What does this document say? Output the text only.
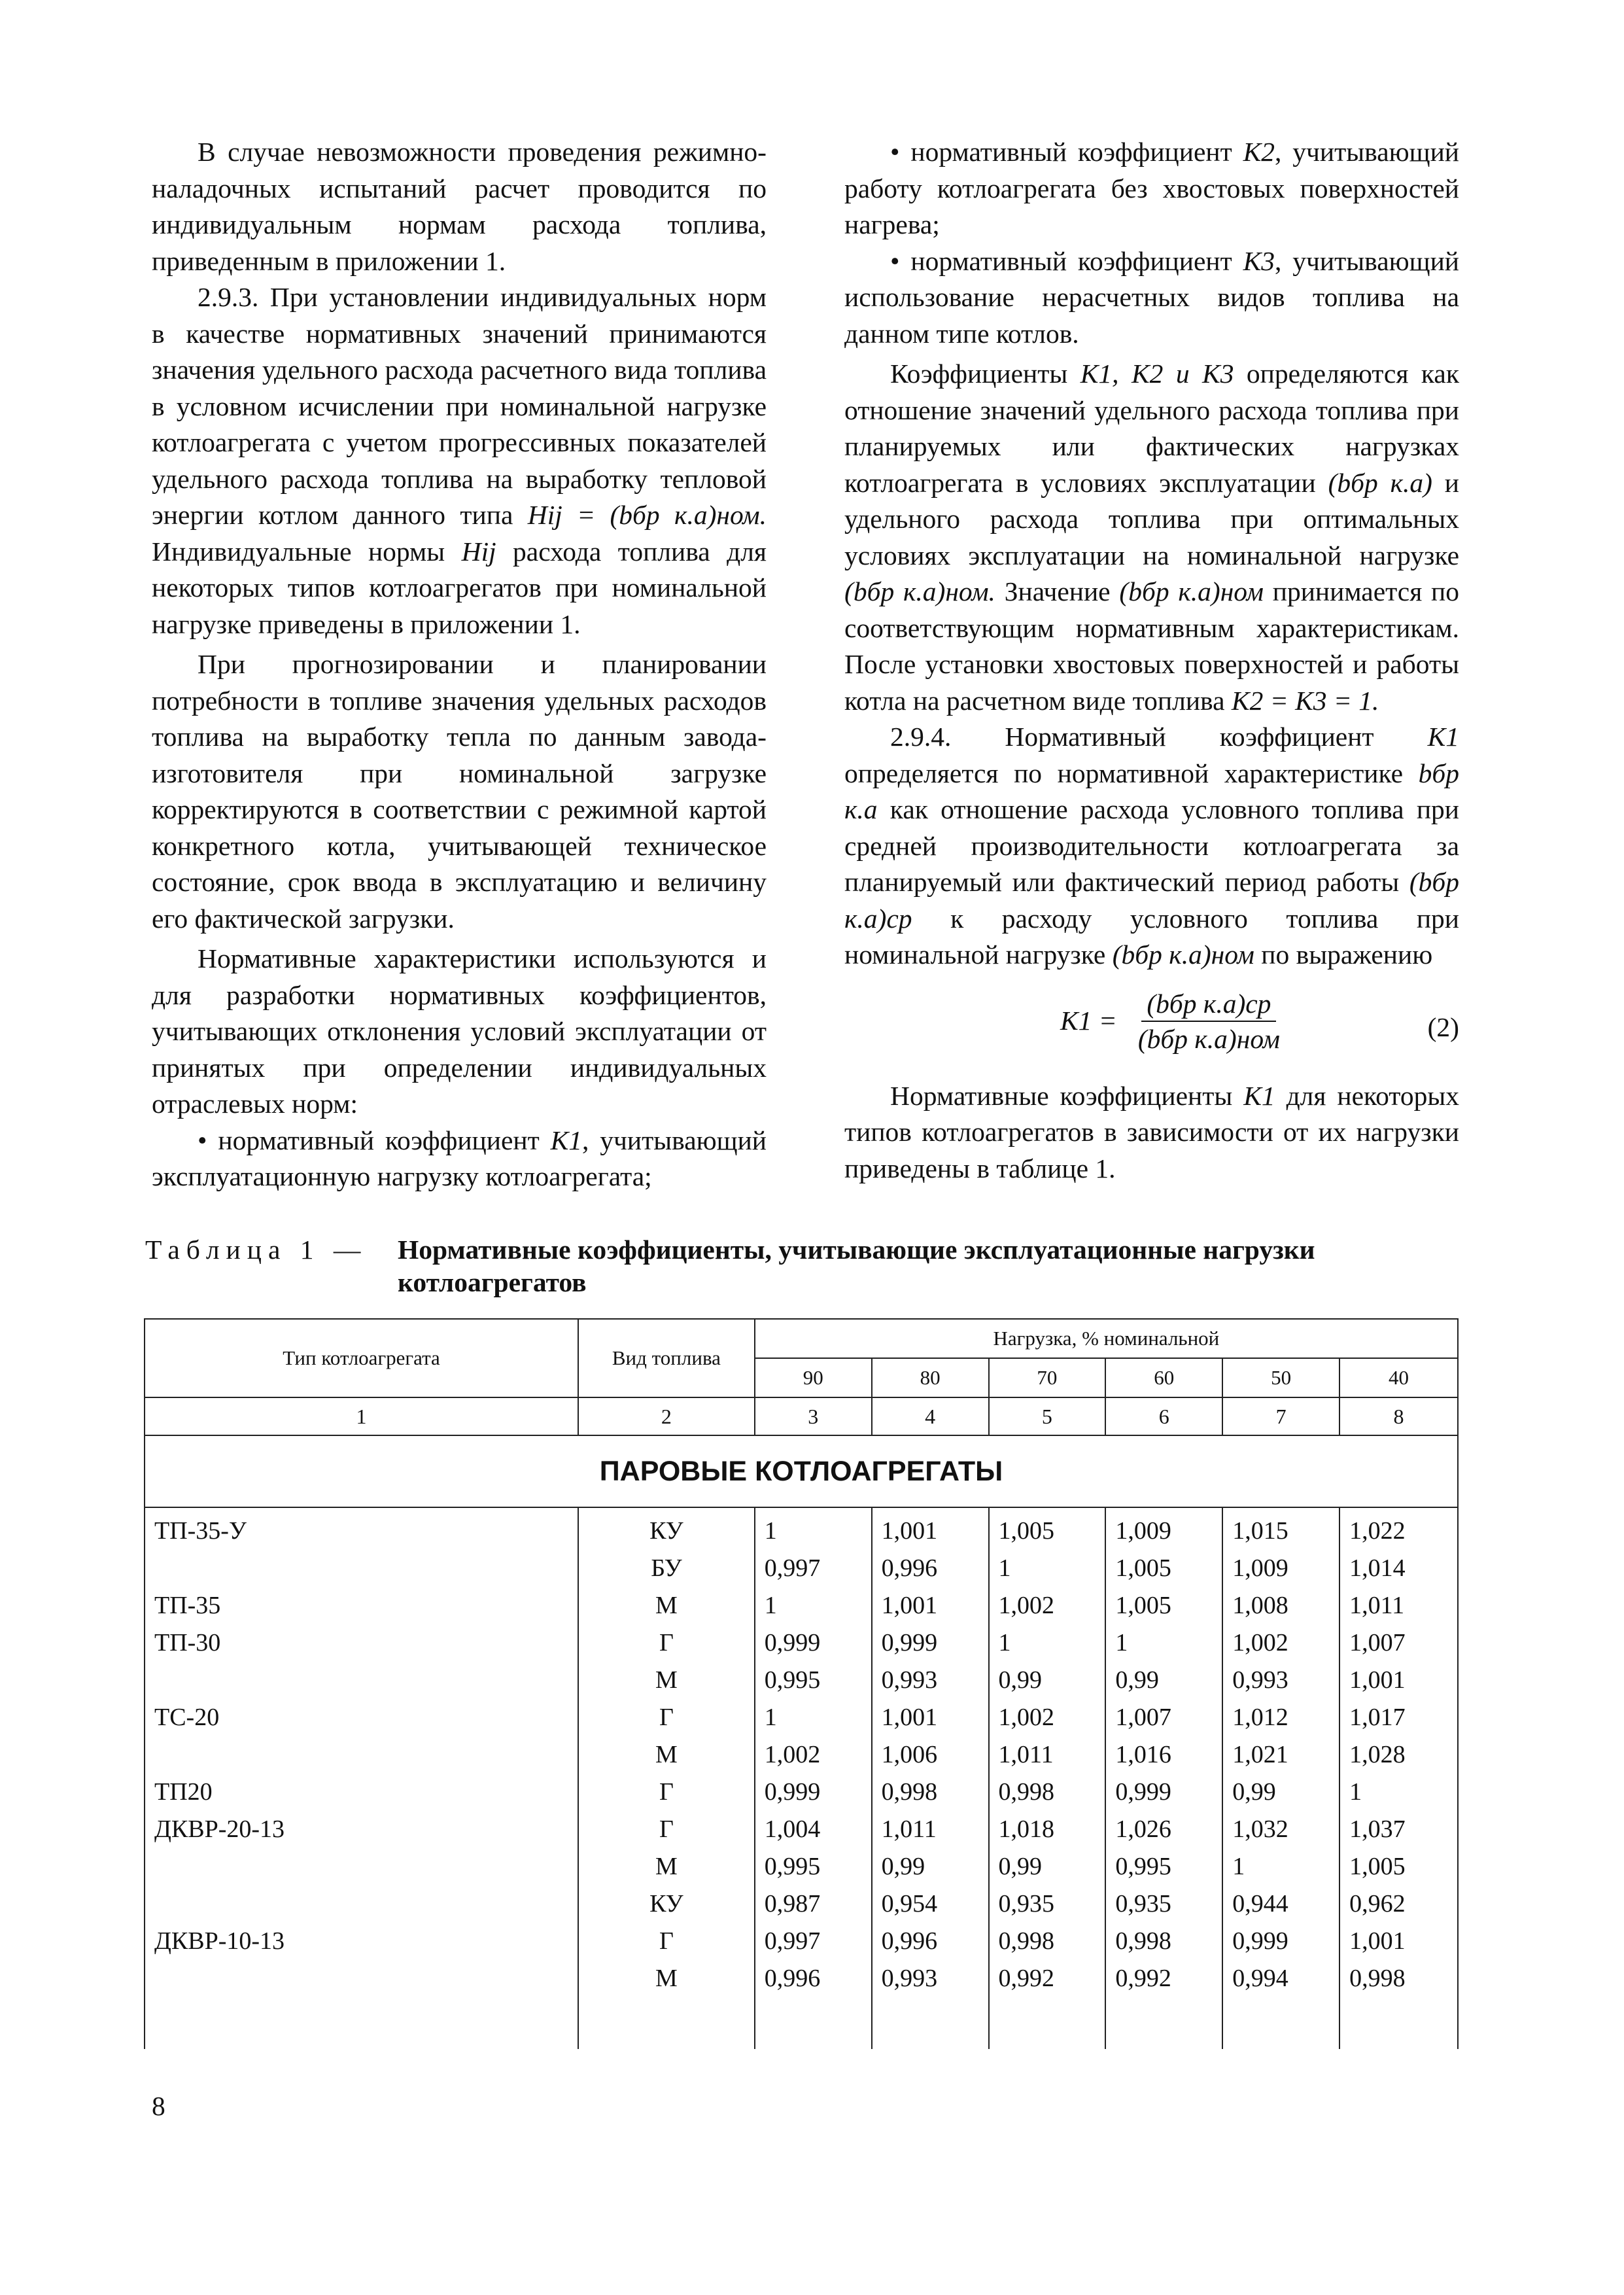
В случае невозможности проведения режимно-наладочных испытаний расчет проводится по индивидуальным нормам расхода топлива, приведенным в приложении 1.

2.9.3. При установлении индивидуальных норм в качестве нормативных значений принимаются значения удельного расхода расчетного вида топлива в условном исчислении при номинальной нагрузке котлоагрегата с учетом прогрессивных показателей удельного расхода топлива на выработку тепловой энергии котлом данного типа Hij = (bбр к.а)ном. Индивидуальные нормы Hij расхода топлива для некоторых типов котлоагрегатов при номинальной нагрузке приведены в приложении 1.

При прогнозировании и планировании потребности в топливе значения удельных расходов топлива на выработку тепла по данным завода-изготовителя при номинальной загрузке корректируются в соответствии с режимной картой конкретного котла, учитывающей техническое состояние, срок ввода в эксплуатацию и величину его фактической загрузки.

Нормативные характеристики используются и для разработки нормативных коэффициентов, учитывающих отклонения условий эксплуатации от принятых при определении индивидуальных отраслевых норм:

• нормативный коэффициент K1, учитывающий эксплуатационную нагрузку котлоагрегата;

• нормативный коэффициент K2, учитывающий работу котлоагрегата без хвостовых поверхностей нагрева;

• нормативный коэффициент K3, учитывающий использование нерасчетных видов топлива на данном типе котлов.

Коэффициенты K1, K2 и K3 определяются как отношение значений удельного расхода топлива при планируемых или фактических нагрузках котлоагрегата в условиях эксплуатации (bбр к.а) и удельного расхода топлива при оптимальных условиях эксплуатации на номинальной нагрузке (bбр к.а)ном. Значение (bбр к.а)ном принимается по соответствующим нормативным характеристикам. После установки хвостовых поверхностей и работы котла на расчетном виде топлива K2 = K3 = 1.

2.9.4. Нормативный коэффициент K1 определяется по нормативной характеристике bбр к.а как отношение расхода условного топлива при средней производительности котлоагрегата за планируемый или фактический период работы (bбр к.а)ср к расходу условного топлива при номинальной нагрузке (bбр к.а)ном по выражению

$K1 = \frac{\text{(bбр к.а)ср}}{\text{(bбр к.а)ном}}$	(2)

Нормативные коэффициенты K1 для некоторых типов котлоагрегатов в зависимости от их нагрузки приведены в таблице 1.

Таблица 1 — Нормативные коэффициенты, учитывающие эксплуатационные нагрузки котлоагрегатов
Тип котлоагрегата	Вид топлива	Нагрузка, % номинальной					
		90	80	70	60	50	40
1	2	3	4	5	6	7	8
ПАРОВЫЕ КОТЛОАГРЕГАТЫ							
ТП-35-У	КУ	1	1,001	1,005	1,009	1,015	1,022
	БУ	0,997	0,996	1	1,005	1,009	1,014
ТП-35	М	1	1,001	1,002	1,005	1,008	1,011
ТП-30	Г	0,999	0,999	1	1	1,002	1,007
	М	0,995	0,993	0,99	0,99	0,993	1,001
ТС-20	Г	1	1,001	1,002	1,007	1,012	1,017
	М	1,002	1,006	1,011	1,016	1,021	1,028
ТП20	Г	0,999	0,998	0,998	0,999	0,99	1
ДКВР-20-13	Г	1,004	1,011	1,018	1,026	1,032	1,037
	М	0,995	0,99	0,99	0,995	1	1,005
	КУ	0,987	0,954	0,935	0,935	0,944	0,962
ДКВР-10-13	Г	0,997	0,996	0,998	0,998	0,999	1,001
	М	0,996	0,993	0,992	0,992	0,994	0,998

8
